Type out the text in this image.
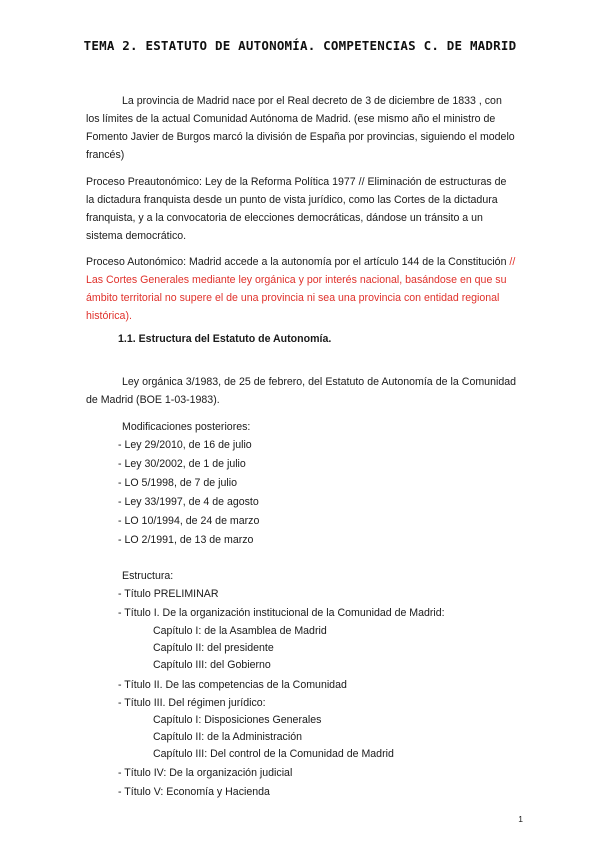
TEMA 2. ESTATUTO DE AUTONOMÍA. COMPETENCIAS C. DE MADRID
La provincia de Madrid nace por el Real decreto de 3 de diciembre de 1833 , con los límites de la actual Comunidad Autónoma de Madrid. (ese mismo año el ministro de Fomento Javier de Burgos marcó la división de España por provincias, siguiendo el modelo francés)
Proceso Preautonómico: Ley de la Reforma Política 1977 // Eliminación de estructuras de la dictadura franquista desde un punto de vista jurídico, como las Cortes de la dictadura franquista, y a la convocatoria de elecciones democráticas, dándose un tránsito a un sistema democrático.
Proceso Autonómico: Madrid accede a la autonomía por el artículo 144 de la Constitución // Las Cortes Generales mediante ley orgánica y por interés nacional, basándose en que su ámbito territorial no supere el de una provincia ni sea una provincia con entidad regional histórica).
1.1. Estructura del Estatuto de Autonomía.
Ley orgánica 3/1983, de 25 de febrero, del Estatuto de Autonomía de la Comunidad de Madrid (BOE 1-03-1983).
Modificaciones posteriores:
- Ley 29/2010, de 16 de julio
- Ley 30/2002, de 1 de julio
- LO 5/1998, de 7 de julio
- Ley 33/1997, de 4 de agosto
- LO 10/1994, de 24 de marzo
- LO 2/1991, de 13 de marzo
Estructura:
- Título PRELIMINAR
- Título I. De la organización institucional de la Comunidad de Madrid:
Capítulo I: de la Asamblea de Madrid
Capítulo II: del presidente
Capítulo III: del Gobierno
- Título II. De las competencias de la Comunidad
- Título III. Del régimen jurídico:
Capítulo I: Disposiciones Generales
Capítulo II: de la Administración
Capítulo III: Del control de la Comunidad de Madrid
- Título IV: De la organización judicial
- Título V: Economía y Hacienda
1
